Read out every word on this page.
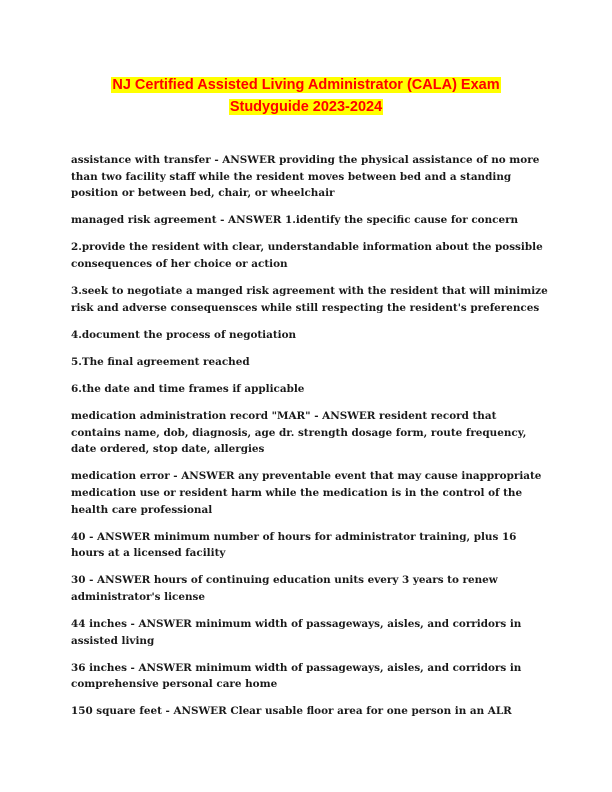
NJ Certified Assisted Living Administrator (CALA) Exam
Studyguide 2023-2024

assistance with transfer - ANSWER providing the physical assistance of no more than two facility staff while the resident moves between bed and a standing position or between bed, chair, or wheelchair

managed risk agreement - ANSWER 1.identify the specific cause for concern

2.provide the resident with clear, understandable information about the possible consequences of her choice or action

3.seek to negotiate a manged risk agreement with the resident that will minimize risk and adverse consequensces while still respecting the resident's preferences

4.document the process of negotiation

5.The final agreement reached

6.the date and time frames if applicable

medication administration record "MAR" - ANSWER resident record that contains name, dob, diagnosis, age dr. strength dosage form, route frequency, date ordered, stop date, allergies

medication error - ANSWER any preventable event that may cause inappropriate medication use or resident harm while the medication is in the control of the health care professional

40 - ANSWER minimum number of hours for administrator training, plus 16 hours at a licensed facility

30 - ANSWER hours of continuing education units every 3 years to renew administrator's license

44 inches - ANSWER minimum width of passageways, aisles, and corridors in assisted living

36 inches - ANSWER minimum width of passageways, aisles, and corridors in comprehensive personal care home

150 square feet - ANSWER Clear usable floor area for one person in an ALR
